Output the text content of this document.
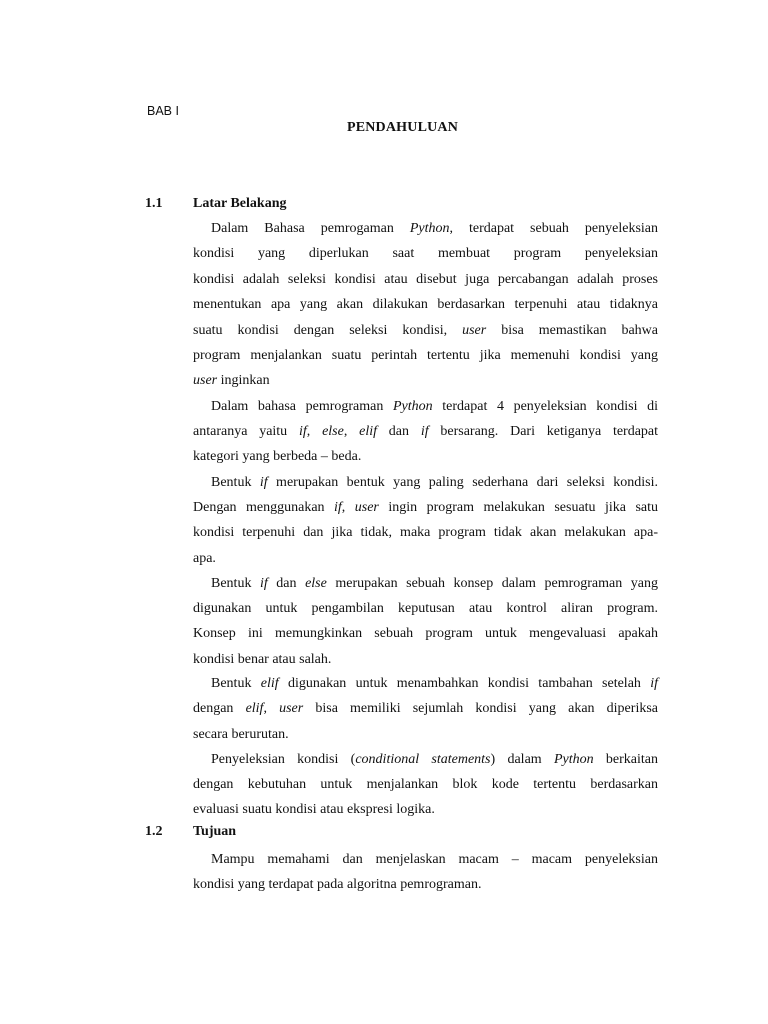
BAB I
PENDAHULUAN
1.1 Latar Belakang
Dalam Bahasa pemrogaman Python, terdapat sebuah penyeleksian
kondisi yang diperlukan saat membuat program penyeleksian
kondisi adalah seleksi kondisi atau disebut juga percabangan adalah proses
menentukan apa yang akan dilakukan berdasarkan terpenuhi atau tidaknya
suatu kondisi dengan seleksi kondisi, user bisa memastikan bahwa
program menjalankan suatu perintah tertentu jika memenuhi kondisi yang
user inginkan
Dalam bahasa pemrograman Python terdapat 4 penyeleksian kondisi di
antaranya yaitu if, else, elif dan if bersarang. Dari ketiganya terdapat
kategori yang berbeda – beda.
Bentuk if merupakan bentuk yang paling sederhana dari seleksi kondisi.
Dengan menggunakan if, user ingin program melakukan sesuatu jika satu
kondisi terpenuhi dan jika tidak, maka program tidak akan melakukan apa-
apa.
Bentuk if dan else merupakan sebuah konsep dalam pemrograman yang
digunakan untuk pengambilan keputusan atau kontrol aliran program.
Konsep ini memungkinkan sebuah program untuk mengevaluasi apakah
kondisi benar atau salah.
Bentuk elif digunakan untuk menambahkan kondisi tambahan setelah if
dengan elif, user bisa memiliki sejumlah kondisi yang akan diperiksa
secara berurutan.
Penyeleksian kondisi (conditional statements) dalam Python berkaitan
dengan kebutuhan untuk menjalankan blok kode tertentu berdasarkan
evaluasi suatu kondisi atau ekspresi logika.
1.2 Tujuan
Mampu memahami dan menjelaskan macam – macam penyeleksian
kondisi yang terdapat pada algoritna pemrograman.
